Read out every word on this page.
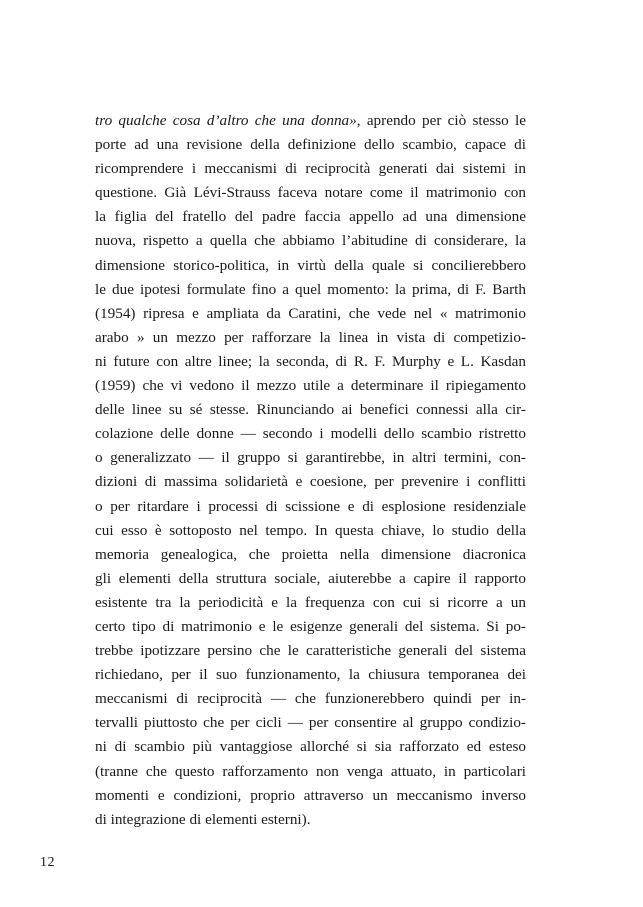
tro qualche cosa d’altro che una donna», aprendo per ciò stesso le
porte ad una revisione della definizione dello scambio, capace di
ricomprendere i meccanismi di reciprocità generati dai sistemi in
questione. Già Lévi-Strauss faceva notare come il matrimonio con
la figlia del fratello del padre faccia appello ad una dimensione
nuova, rispetto a quella che abbiamo l’abitudine di considerare, la
dimensione storico-politica, in virtù della quale si concilierebbero
le due ipotesi formulate fino a quel momento: la prima, di F. Barth
(1954) ripresa e ampliata da Caratini, che vede nel « matrimonio
arabo » un mezzo per rafforzare la linea in vista di competizio-
ni future con altre linee; la seconda, di R. F. Murphy e L. Kasdan
(1959) che vi vedono il mezzo utile a determinare il ripiegamento
delle linee su sé stesse. Rinunciando ai benefici connessi alla cir-
colazione delle donne — secondo i modelli dello scambio ristretto
o generalizzato — il gruppo si garantirebbe, in altri termini, con-
dizioni di massima solidarietà e coesione, per prevenire i conflitti
o per ritardare i processi di scissione e di esplosione residenziale
cui esso è sottoposto nel tempo. In questa chiave, lo studio della
memoria genealogica, che proietta nella dimensione diacronica
gli elementi della struttura sociale, aiuterebbe a capire il rapporto
esistente tra la periodicità e la frequenza con cui si ricorre a un
certo tipo di matrimonio e le esigenze generali del sistema. Si po-
trebbe ipotizzare persino che le caratteristiche generali del sistema
richiedano, per il suo funzionamento, la chiusura temporanea dei
meccanismi di reciprocità — che funzionerebbero quindi per in-
tervalli piuttosto che per cicli — per consentire al gruppo condizio-
ni di scambio più vantaggiose allorché si sia rafforzato ed esteso
(tranne che questo rafforzamento non venga attuato, in particolari
momenti e condizioni, proprio attraverso un meccanismo inverso
di integrazione di elementi esterni).
12
